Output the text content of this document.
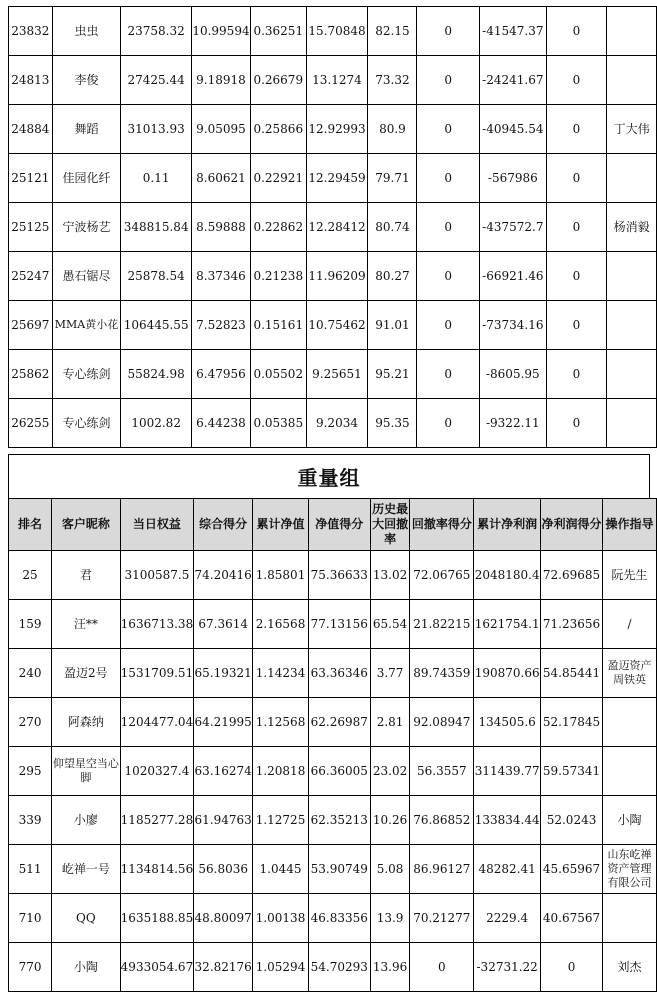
23832	虫虫	23758.32	10.99594	0.36251	15.70848	82.15	0	-41547.37	0	
24813	李俊	27425.44	9.18918	0.26679	13.1274	73.32	0	-24241.67	0	
24884	舞蹈	31013.93	9.05095	0.25866	12.92993	80.9	0	-40945.54	0	丁大伟
25121	佳园化纤	0.11	8.60621	0.22921	12.29459	79.71	0	-567986	0	
25125	宁波杨艺	348815.84	8.59888	0.22862	12.28412	80.74	0	-437572.7	0	杨消毅
25247	愚石锯尽	25878.54	8.37346	0.21238	11.96209	80.27	0	-66921.46	0	
25697	MMA黄小花	106445.55	7.52823	0.15161	10.75462	91.01	0	-73734.16	0	
25862	专心练剑	55824.98	6.47956	0.05502	9.25651	95.21	0	-8605.95	0	
26255	专心练剑	1002.82	6.44238	0.05385	9.2034	95.35	0	-9322.11	0	
重量组
排名	客户昵称	当日权益	综合得分	累计净值	净值得分	历史最大回撤率	回撤率得分	累计净利润	净利润得分	操作指导
25	君	3100587.5	74.20416	1.85801	75.36633	13.02	72.06765	2048180.4	72.69685	阮先生
159	汪**	1636713.38	67.3614	2.16568	77.13156	65.54	21.82215	1621754.1	71.23656	/
240	盈迈2号	1531709.51	65.19321	1.14234	63.36346	3.77	89.74359	190870.66	54.85441	盈迈资产周铁英
270	阿森纳	1204477.04	64.21995	1.12568	62.26987	2.81	92.08947	134505.6	52.17845	
295	仰望星空当心脚	1020327.4	63.16274	1.20818	66.36005	23.02	56.3557	311439.77	59.57341	
339	小廖	1185277.28	61.94763	1.12725	62.35213	10.26	76.86852	133834.44	52.0243	小陶
511	屹禅一号	1134814.56	56.8036	1.0445	53.90749	5.08	86.96127	48282.41	45.65967	山东屹禅资产管理有限公司
710	QQ	1635188.85	48.80097	1.00138	46.83356	13.9	70.21277	2229.4	40.67567	
770	小陶	4933054.67	32.82176	1.05294	54.70293	13.96	0	-32731.22	0	刘杰
